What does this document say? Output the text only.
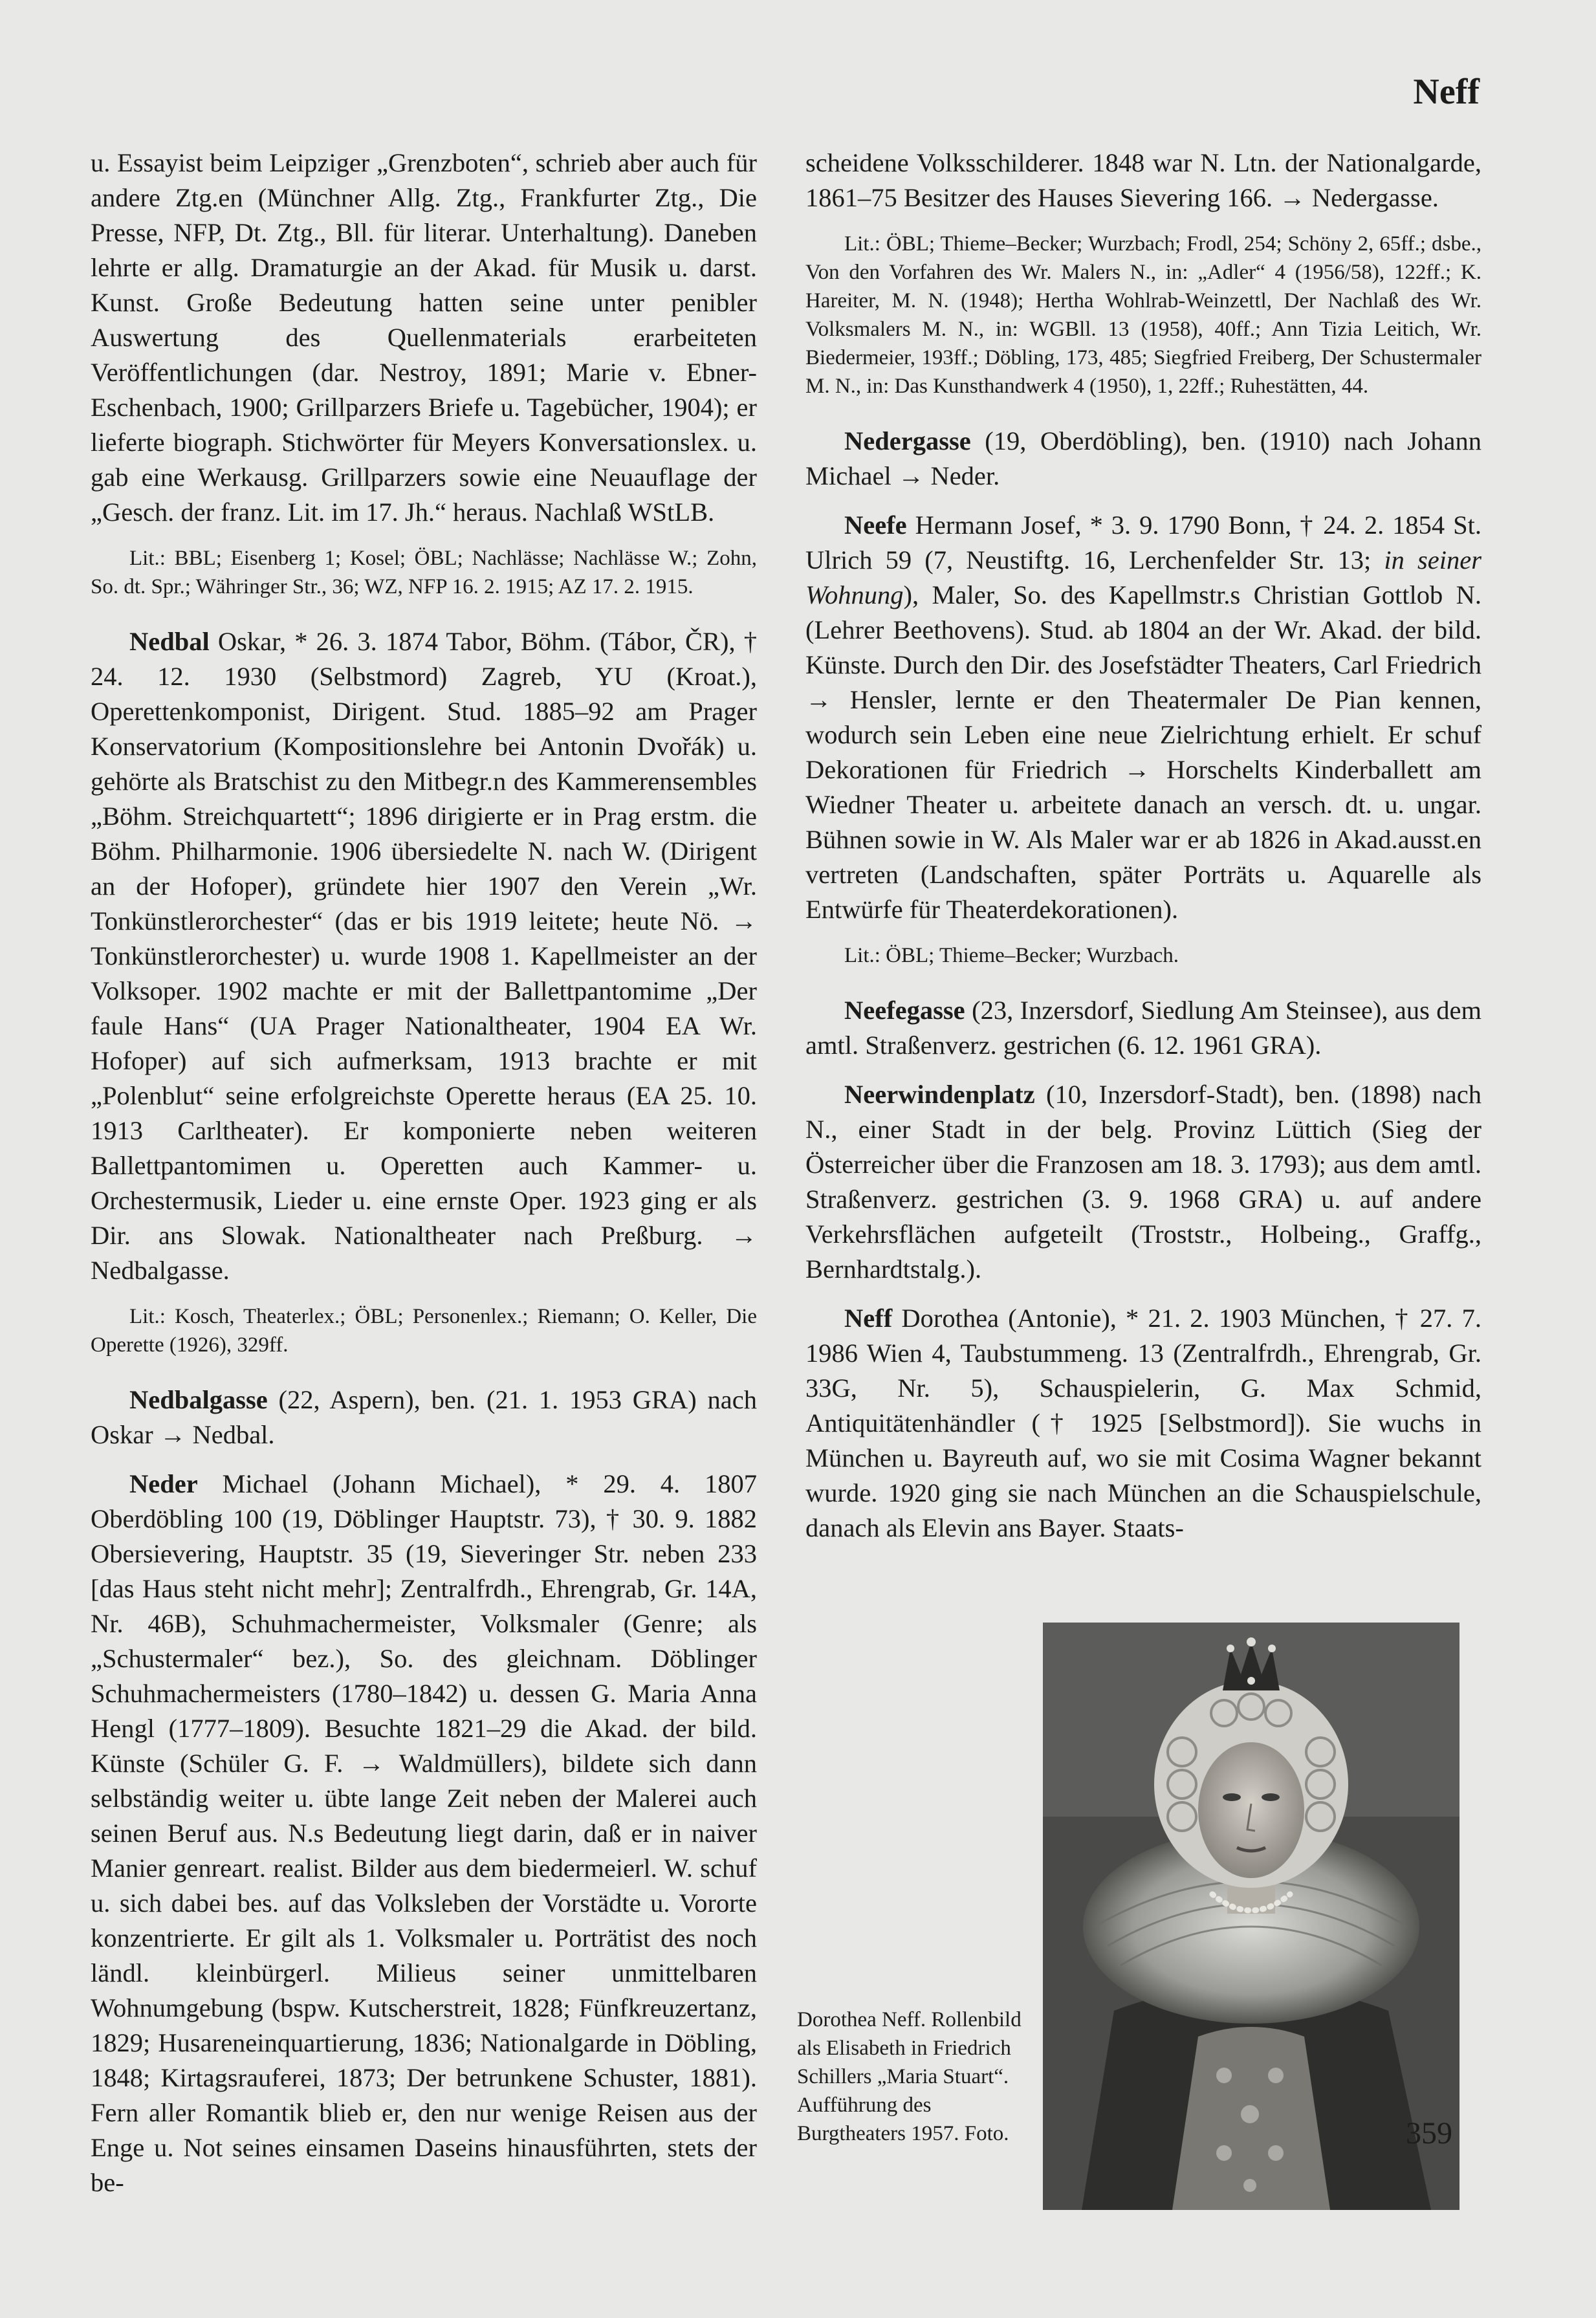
Neff

u. Essayist beim Leipziger „Grenzboten“, schrieb aber auch für andere Ztg.en (Münchner Allg. Ztg., Frankfurter Ztg., Die Presse, NFP, Dt. Ztg., Bll. für literar. Unterhaltung). Daneben lehrte er allg. Dramaturgie an der Akad. für Musik u. darst. Kunst. Große Bedeutung hatten seine unter penibler Auswertung des Quellenmaterials erarbeiteten Veröffentlichungen (dar. Nestroy, 1891; Marie v. Ebner-Eschenbach, 1900; Grillparzers Briefe u. Tagebücher, 1904); er lieferte biograph. Stichwörter für Meyers Konversationslex. u. gab eine Werkausg. Grillparzers sowie eine Neuauflage der „Gesch. der franz. Lit. im 17. Jh.“ heraus. Nachlaß WStLB.

Lit.: BBL; Eisenberg 1; Kosel; ÖBL; Nachlässe; Nachlässe W.; Zohn, So. dt. Spr.; Währinger Str., 36; WZ, NFP 16. 2. 1915; AZ 17. 2. 1915.

Nedbal Oskar, * 26. 3. 1874 Tabor, Böhm. (Tábor, ČR), † 24. 12. 1930 (Selbstmord) Zagreb, YU (Kroat.), Operettenkomponist, Dirigent. Stud. 1885–92 am Prager Konservatorium (Kompositionslehre bei Antonin Dvořák) u. gehörte als Bratschist zu den Mitbegr.n des Kammerensembles „Böhm. Streichquartett“; 1896 dirigierte er in Prag erstm. die Böhm. Philharmonie. 1906 übersiedelte N. nach W. (Dirigent an der Hofoper), gründete hier 1907 den Verein „Wr. Tonkünstlerorchester“ (das er bis 1919 leitete; heute Nö. → Tonkünstlerorchester) u. wurde 1908 1. Kapellmeister an der Volksoper. 1902 machte er mit der Ballettpantomime „Der faule Hans“ (UA Prager Nationaltheater, 1904 EA Wr. Hofoper) auf sich aufmerksam, 1913 brachte er mit „Polenblut“ seine erfolgreichste Operette heraus (EA 25. 10. 1913 Carltheater). Er komponierte neben weiteren Ballettpantomimen u. Operetten auch Kammer- u. Orchestermusik, Lieder u. eine ernste Oper. 1923 ging er als Dir. ans Slowak. Nationaltheater nach Preßburg. → Nedbalgasse.

Lit.: Kosch, Theaterlex.; ÖBL; Personenlex.; Riemann; O. Keller, Die Operette (1926), 329ff.

Nedbalgasse (22, Aspern), ben. (21. 1. 1953 GRA) nach Oskar → Nedbal.

Neder Michael (Johann Michael), * 29. 4. 1807 Oberdöbling 100 (19, Döblinger Hauptstr. 73), † 30. 9. 1882 Obersievering, Hauptstr. 35 (19, Sieveringer Str. neben 233 [das Haus steht nicht mehr]; Zentralfrdh., Ehrengrab, Gr. 14A, Nr. 46B), Schuhmachermeister, Volksmaler (Genre; als „Schustermaler“ bez.), So. des gleichnam. Döblinger Schuhmachermeisters (1780–1842) u. dessen G. Maria Anna Hengl (1777–1809). Besuchte 1821–29 die Akad. der bild. Künste (Schüler G. F. → Waldmüllers), bildete sich dann selbständig weiter u. übte lange Zeit neben der Malerei auch seinen Beruf aus. N.s Bedeutung liegt darin, daß er in naiver Manier genreart. realist. Bilder aus dem biedermeierl. W. schuf u. sich dabei bes. auf das Volksleben der Vorstädte u. Vororte konzentrierte. Er gilt als 1. Volksmaler u. Porträtist des noch ländl. kleinbürgerl. Milieus seiner unmittelbaren Wohnumgebung (bspw. Kutscherstreit, 1828; Fünfkreuzertanz, 1829; Husareneinquartierung, 1836; Nationalgarde in Döbling, 1848; Kirtagsrauferei, 1873; Der betrunkene Schuster, 1881). Fern aller Romantik blieb er, den nur wenige Reisen aus der Enge u. Not seines einsamen Daseins hinausführten, stets der be-

scheidene Volksschilderer. 1848 war N. Ltn. der Nationalgarde, 1861–75 Besitzer des Hauses Sievering 166. → Nedergasse.

Lit.: ÖBL; Thieme–Becker; Wurzbach; Frodl, 254; Schöny 2, 65ff.; dsbe., Von den Vorfahren des Wr. Malers N., in: „Adler“ 4 (1956/58), 122ff.; K. Hareiter, M. N. (1948); Hertha Wohlrab-Weinzettl, Der Nachlaß des Wr. Volksmalers M. N., in: WGBll. 13 (1958), 40ff.; Ann Tizia Leitich, Wr. Biedermeier, 193ff.; Döbling, 173, 485; Siegfried Freiberg, Der Schustermaler M. N., in: Das Kunsthandwerk 4 (1950), 1, 22ff.; Ruhestätten, 44.

Nedergasse (19, Oberdöbling), ben. (1910) nach Johann Michael → Neder.

Neefe Hermann Josef, * 3. 9. 1790 Bonn, † 24. 2. 1854 St. Ulrich 59 (7, Neustiftg. 16, Lerchenfelder Str. 13; in seiner Wohnung), Maler, So. des Kapellmstr.s Christian Gottlob N. (Lehrer Beethovens). Stud. ab 1804 an der Wr. Akad. der bild. Künste. Durch den Dir. des Josefstädter Theaters, Carl Friedrich → Hensler, lernte er den Theatermaler De Pian kennen, wodurch sein Leben eine neue Zielrichtung erhielt. Er schuf Dekorationen für Friedrich → Horschelts Kinderballett am Wiedner Theater u. arbeitete danach an versch. dt. u. ungar. Bühnen sowie in W. Als Maler war er ab 1826 in Akad.ausst.en vertreten (Landschaften, später Porträts u. Aquarelle als Entwürfe für Theaterdekorationen).

Lit.: ÖBL; Thieme–Becker; Wurzbach.

Neefegasse (23, Inzersdorf, Siedlung Am Steinsee), aus dem amtl. Straßenverz. gestrichen (6. 12. 1961 GRA).

Neerwindenplatz (10, Inzersdorf-Stadt), ben. (1898) nach N., einer Stadt in der belg. Provinz Lüttich (Sieg der Österreicher über die Franzosen am 18. 3. 1793); aus dem amtl. Straßenverz. gestrichen (3. 9. 1968 GRA) u. auf andere Verkehrsflächen aufgeteilt (Troststr., Holbeing., Graffg., Bernhardtstalg.).

Neff Dorothea (Antonie), * 21. 2. 1903 München, † 27. 7. 1986 Wien 4, Taubstummeng. 13 (Zentralfrdh., Ehrengrab, Gr. 33G, Nr. 5), Schauspielerin, G. Max Schmid, Antiquitätenhändler († 1925 [Selbstmord]). Sie wuchs in München u. Bayreuth auf, wo sie mit Cosima Wagner bekannt wurde. 1920 ging sie nach München an die Schauspielschule, danach als Elevin ans Bayer. Staats-

Dorothea Neff. Rollenbild als Elisabeth in Friedrich Schillers „Maria Stuart“. Aufführung des Burgtheaters 1957. Foto.	359
